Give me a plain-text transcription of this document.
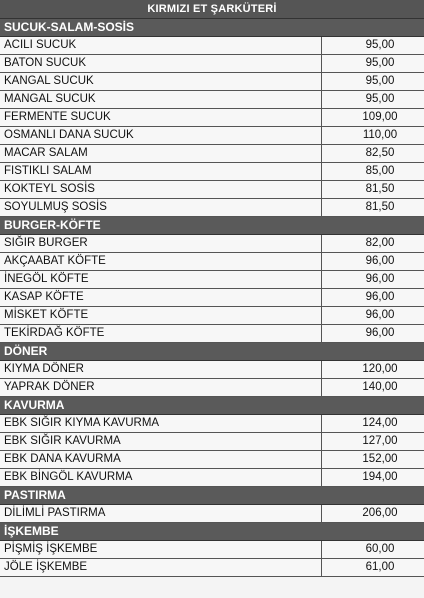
KIRMIZI ET ŞARKÜTERİ
SUCUK-SALAM-SOSİS
ACILI SUCUK	95,00
BATON SUCUK	95,00
KANGAL SUCUK	95,00
MANGAL SUCUK	95,00
FERMENTE SUCUK	109,00
OSMANLI DANA SUCUK	110,00
MACAR SALAM	82,50
FISTIKLI SALAM	85,00
KOKTEYL SOSİS	81,50
SOYULMUŞ SOSİS	81,50
BURGER-KÖFTE
SIĞIR BURGER	82,00
AKÇAABAT KÖFTE	96,00
İNEGÖL KÖFTE	96,00
KASAP KÖFTE	96,00
MİSKET KÖFTE	96,00
TEKİRDAĞ KÖFTE	96,00
DÖNER
KIYMA DÖNER	120,00
YAPRAK DÖNER	140,00
KAVURMA
EBK SIĞIR KIYMA KAVURMA	124,00
EBK SIĞIR KAVURMA	127,00
EBK DANA KAVURMA	152,00
EBK BİNGÖL KAVURMA	194,00
PASTIRMA
DİLİMLİ PASTIRMA	206,00
İŞKEMBE
PİŞMİŞ İŞKEMBE	60,00
JÖLE İŞKEMBE	61,00
